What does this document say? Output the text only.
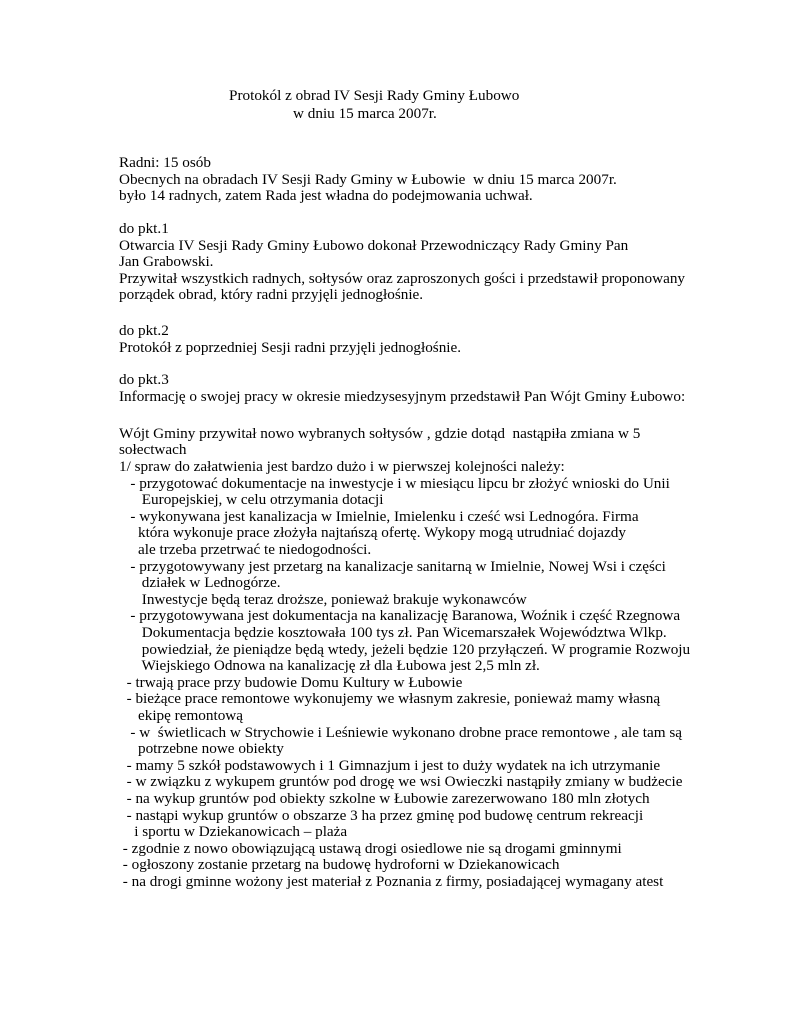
Protokól z obrad IV Sesji Rady Gminy Łubowo
w dniu 15 marca 2007r.
Radni: 15 osób
Obecnych na obradach IV Sesji Rady Gminy w Łubowie  w dniu 15 marca 2007r.
było 14 radnych, zatem Rada jest władna do podejmowania uchwał.
do pkt.1
Otwarcia IV Sesji Rady Gminy Łubowo dokonał Przewodniczący Rady Gminy Pan
Jan Grabowski.
Przywitał wszystkich radnych, sołtysów oraz zaproszonych gości i przedstawił proponowany
porządek obrad, który radni przyjęli jednogłośnie.
do pkt.2
Protokół z poprzedniej Sesji radni przyjęli jednogłośnie.
do pkt.3
Informację o swojej pracy w okresie miedzysesyjnym przedstawił Pan Wójt Gminy Łubowo:
Wójt Gminy przywitał nowo wybranych sołtysów , gdzie dotąd  nastąpiła zmiana w 5
sołectwach
1/ spraw do załatwienia jest bardzo dużo i w pierwszej kolejności należy:
- przygotować dokumentacje na inwestycje i w miesiącu lipcu br złożyć wnioski do Unii
Europejskiej, w celu otrzymania dotacji
- wykonywana jest kanalizacja w Imielnie, Imielenku i cześć wsi Lednogóra. Firma
która wykonuje prace złożyła najtańszą ofertę. Wykopy mogą utrudniać dojazdy
ale trzeba przetrwać te niedogodności.
- przygotowywany jest przetarg na kanalizacje sanitarną w Imielnie, Nowej Wsi i części
działek w Lednogórze.
Inwestycje będą teraz droższe, ponieważ brakuje wykonawców
- przygotowywana jest dokumentacja na kanalizację Baranowa, Woźnik i część Rzegnowa
Dokumentacja będzie kosztowała 100 tys zł. Pan Wicemarszałek Województwa Wlkp.
powiedział, że pieniądze będą wtedy, jeżeli będzie 120 przyłączeń. W programie Rozwoju
Wiejskiego Odnowa na kanalizację zł dla Łubowa jest 2,5 mln zł.
- trwają prace przy budowie Domu Kultury w Łubowie
- bieżące prace remontowe wykonujemy we własnym zakresie, ponieważ mamy własną
ekipę remontową
- w  świetlicach w Strychowie i Leśniewie wykonano drobne prace remontowe , ale tam są
potrzebne nowe obiekty
- mamy 5 szkół podstawowych i 1 Gimnazjum i jest to duży wydatek na ich utrzymanie
- w związku z wykupem gruntów pod drogę we wsi Owieczki nastąpiły zmiany w budżecie
- na wykup gruntów pod obiekty szkolne w Łubowie zarezerwowano 180 mln złotych
- nastąpi wykup gruntów o obszarze 3 ha przez gminę pod budowę centrum rekreacji
i sportu w Dziekanowicach – plaża
- zgodnie z nowo obowiązującą ustawą drogi osiedlowe nie są drogami gminnymi
- ogłoszony zostanie przetarg na budowę hydroforni w Dziekanowicach
- na drogi gminne wożony jest materiał z Poznania z firmy, posiadającej wymagany atest
